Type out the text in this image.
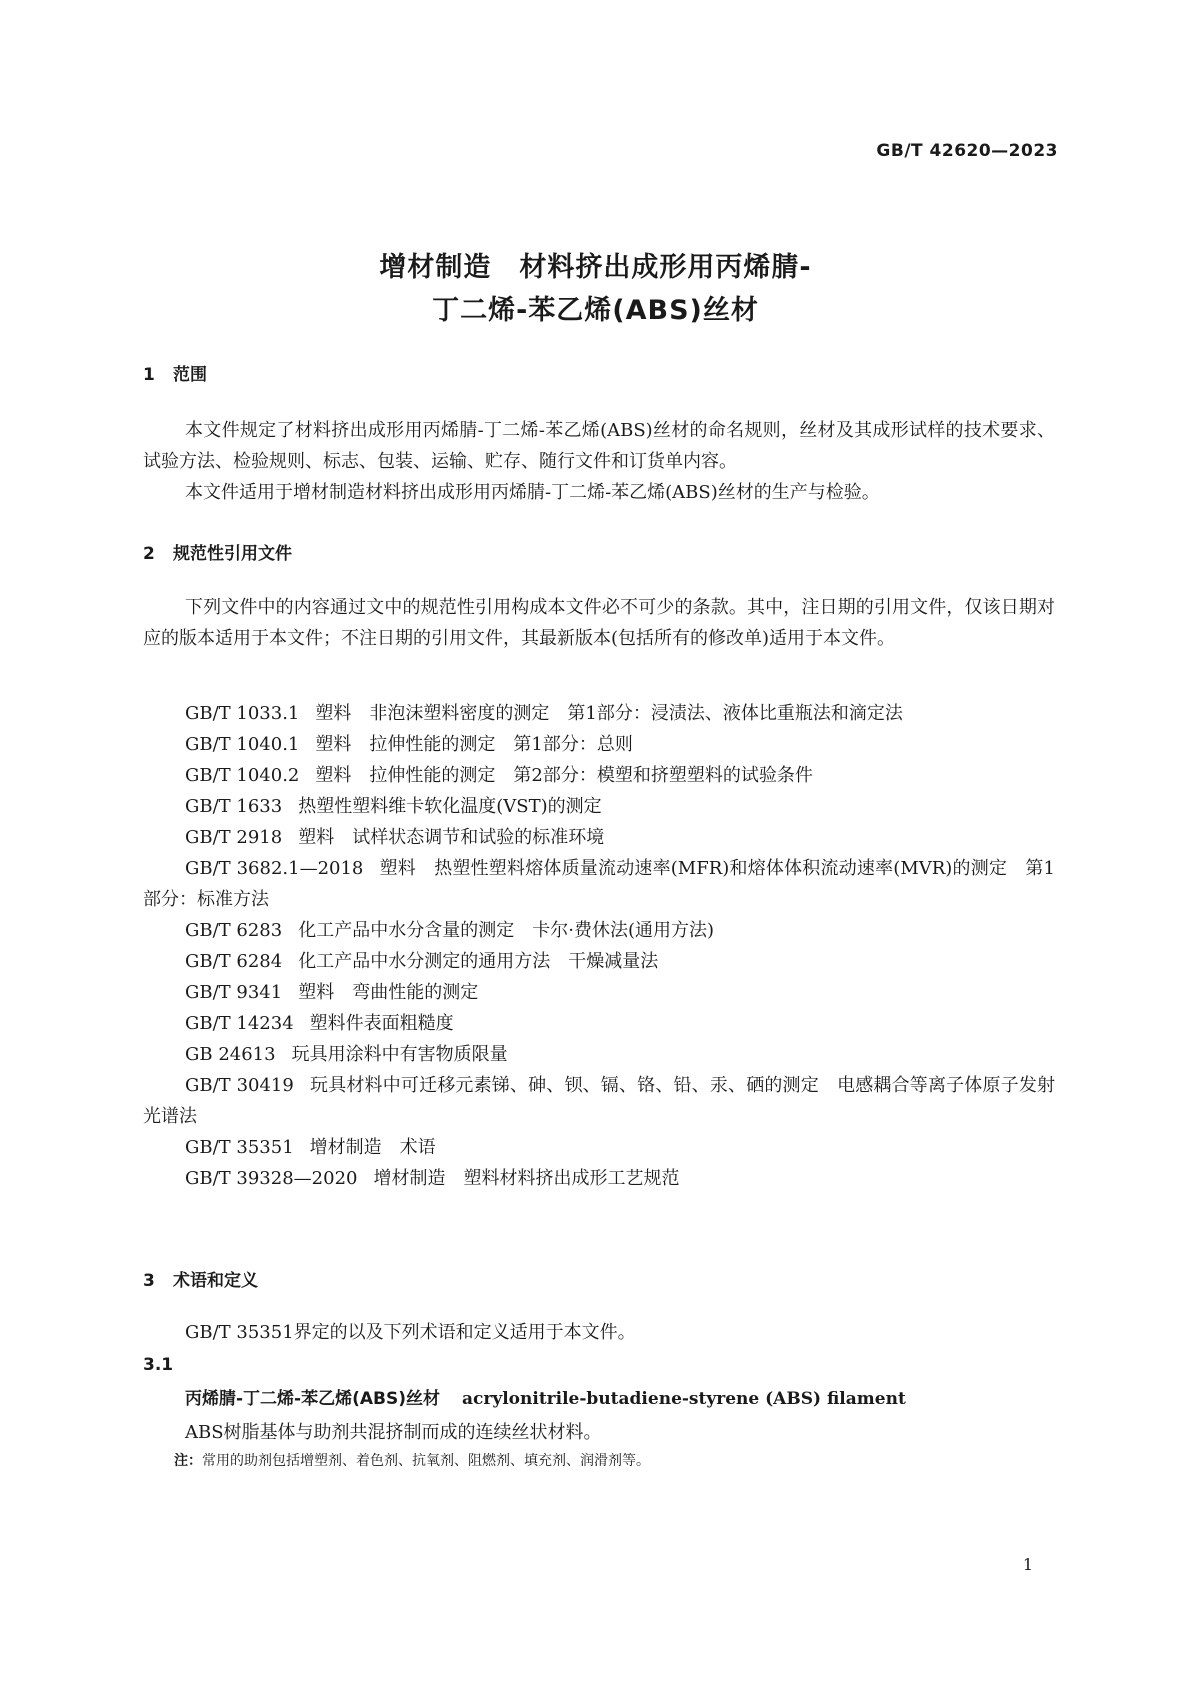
GB/T 42620—2023
增材制造　材料挤出成形用丙烯腈-
丁二烯-苯乙烯(ABS)丝材
1 范围
本文件规定了材料挤出成形用丙烯腈-丁二烯-苯乙烯(ABS)丝材的命名规则，丝材及其成形试样的技术要求、试验方法、检验规则、标志、包装、运输、贮存、随行文件和订货单内容。
本文件适用于增材制造材料挤出成形用丙烯腈-丁二烯-苯乙烯(ABS)丝材的生产与检验。
2 规范性引用文件
下列文件中的内容通过文中的规范性引用构成本文件必不可少的条款。其中，注日期的引用文件，仅该日期对应的版本适用于本文件；不注日期的引用文件，其最新版本(包括所有的修改单)适用于本文件。
GB/T 1033.1 塑料　非泡沫塑料密度的测定　第1部分：浸渍法、液体比重瓶法和滴定法
GB/T 1040.1 塑料　拉伸性能的测定　第1部分：总则
GB/T 1040.2 塑料　拉伸性能的测定　第2部分：模塑和挤塑塑料的试验条件
GB/T 1633 热塑性塑料维卡软化温度(VST)的测定
GB/T 2918 塑料　试样状态调节和试验的标准环境
GB/T 3682.1—2018 塑料　热塑性塑料熔体质量流动速率(MFR)和熔体体积流动速率(MVR)的测定　第1部分：标准方法
GB/T 6283 化工产品中水分含量的测定　卡尔·费休法(通用方法)
GB/T 6284 化工产品中水分测定的通用方法　干燥减量法
GB/T 9341 塑料　弯曲性能的测定
GB/T 14234 塑料件表面粗糙度
GB 24613 玩具用涂料中有害物质限量
GB/T 30419 玩具材料中可迁移元素锑、砷、钡、镉、铬、铅、汞、硒的测定　电感耦合等离子体原子发射光谱法
GB/T 35351 增材制造　术语
GB/T 39328—2020 增材制造　塑料材料挤出成形工艺规范
3 术语和定义
GB/T 35351界定的以及下列术语和定义适用于本文件。
3.1
丙烯腈-丁二烯-苯乙烯(ABS)丝材 acrylonitrile-butadiene-styrene (ABS) filament
ABS树脂基体与助剂共混挤制而成的连续丝状材料。
注：常用的助剂包括增塑剂、着色剂、抗氧剂、阻燃剂、填充剂、润滑剂等。
1
